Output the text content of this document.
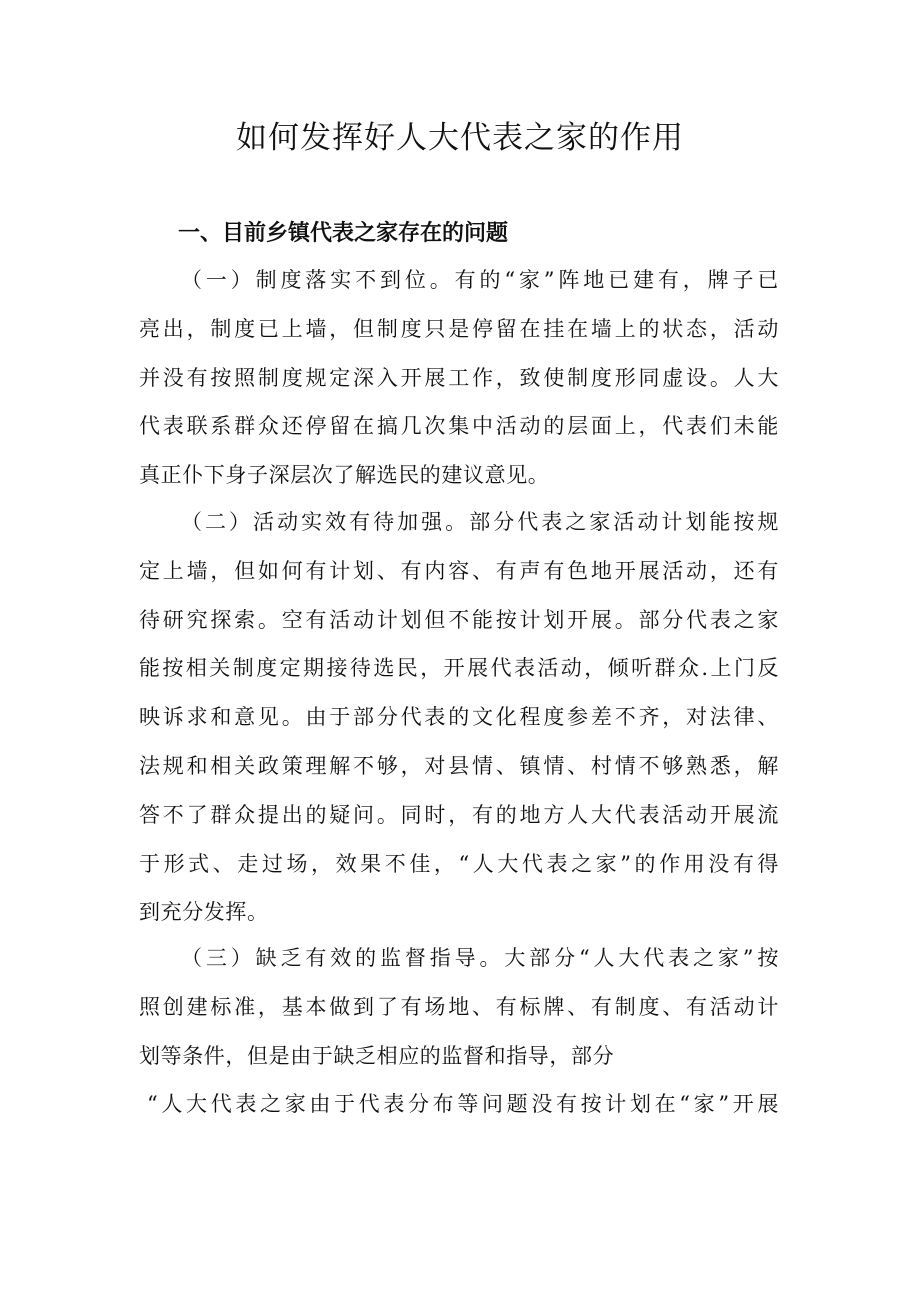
如何发挥好人大代表之家的作用
一、目前乡镇代表之家存在的问题
（一）制度落实不到位。有的“家”阵地已建有，牌子已
亮出，制度已上墙，但制度只是停留在挂在墙上的状态，活动
并没有按照制度规定深入开展工作，致使制度形同虚设。人大
代表联系群众还停留在搞几次集中活动的层面上，代表们未能
真正仆下身子深层次了解选民的建议意见。
（二）活动实效有待加强。部分代表之家活动计划能按规
定上墙，但如何有计划、有内容、有声有色地开展活动，还有
待研究探索。空有活动计划但不能按计划开展。部分代表之家
能按相关制度定期接待选民，开展代表活动，倾听群众.上门反
映诉求和意见。由于部分代表的文化程度参差不齐，对法律、
法规和相关政策理解不够，对县情、镇情、村情不够熟悉，解
答不了群众提出的疑问。同时，有的地方人大代表活动开展流
于形式、走过场，效果不佳，“人大代表之家”的作用没有得
到充分发挥。
（三）缺乏有效的监督指导。大部分“人大代表之家”按
照创建标准，基本做到了有场地、有标牌、有制度、有活动计
划等条件，但是由于缺乏相应的监督和指导，部分
“人大代表之家由于代表分布等问题没有按计划在“家”开展
